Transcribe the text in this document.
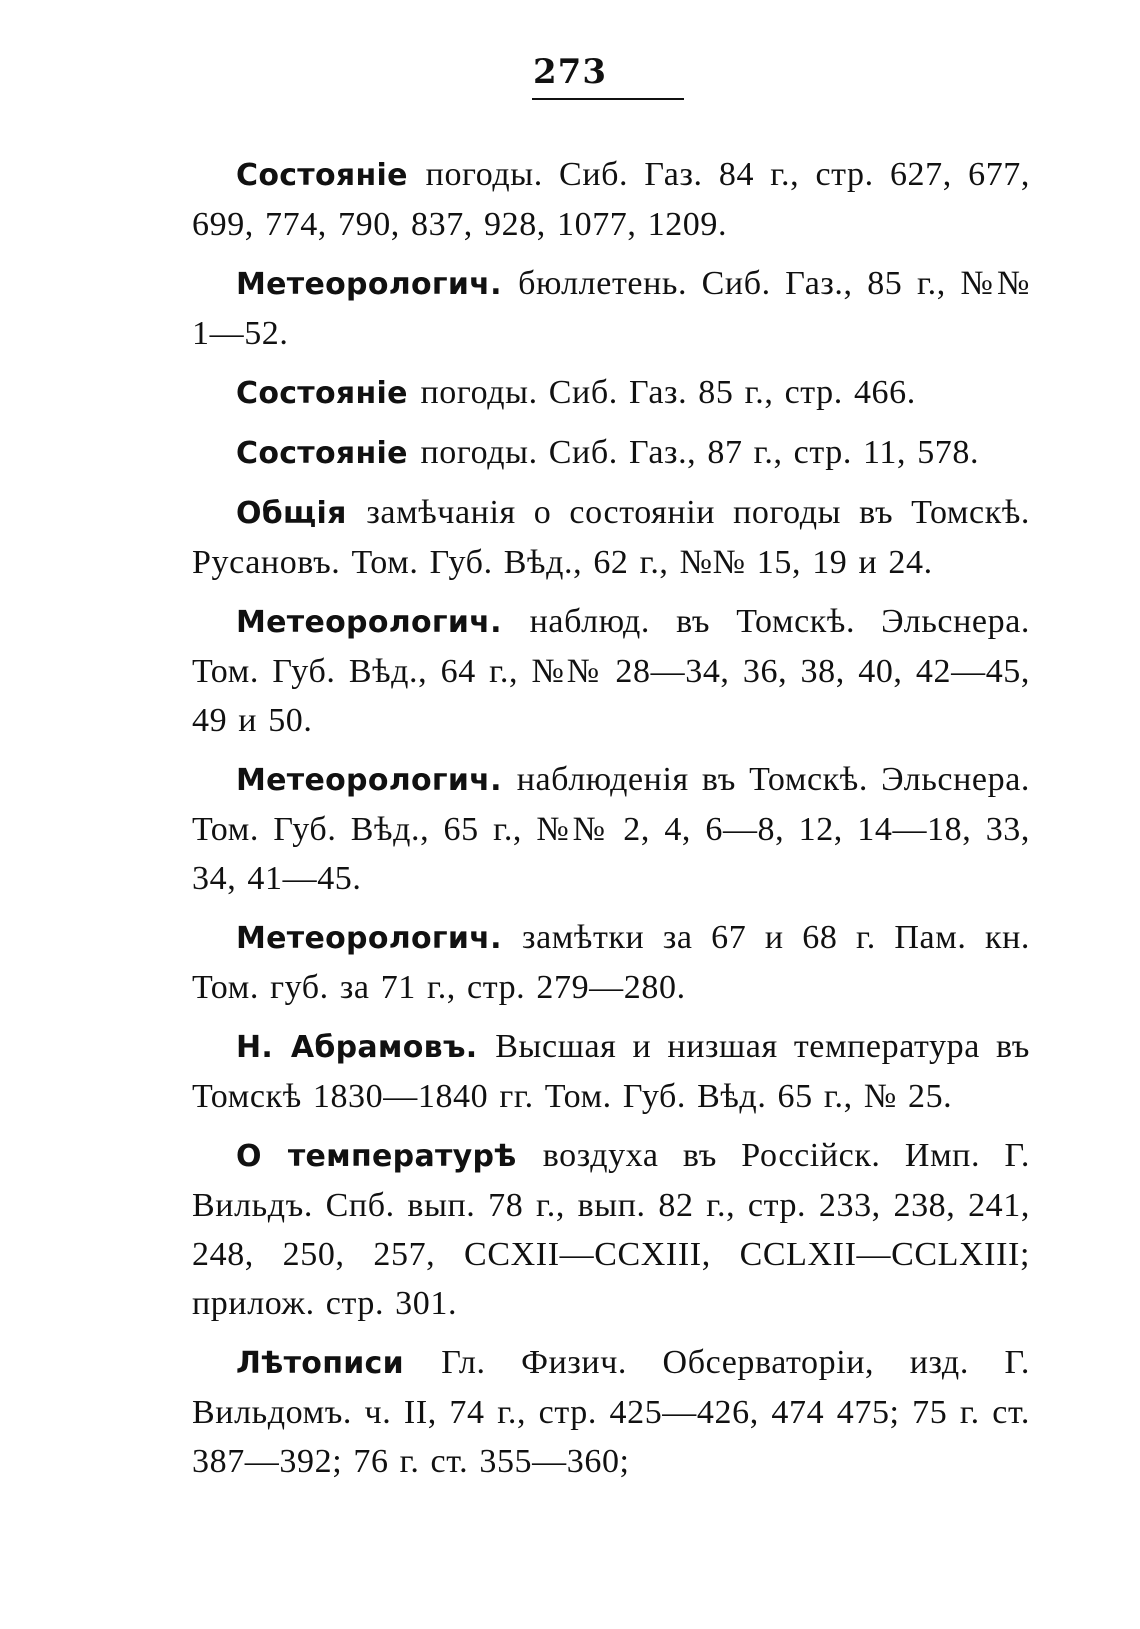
273

Состояніе погоды. Сиб. Газ. 84 г., стр. 627, 677, 699, 774, 790, 837, 928, 1077, 1209.

Метеорологич. бюллетень. Сиб. Газ., 85 г., №№ 1—52.

Состояніе погоды. Сиб. Газ. 85 г., стр. 466.

Состояніе погоды. Сиб. Газ., 87 г., стр. 11, 578.

Общія замѣчанія о состояніи погоды въ Томскѣ. Русановъ. Том. Губ. Вѣд., 62 г., №№ 15, 19 и 24.

Метеорологич. наблюд. въ Томскѣ. Эльснера. Том. Губ. Вѣд., 64 г., №№ 28—34, 36, 38, 40, 42—45, 49 и 50.

Метеорологич. наблюденія въ Томскѣ. Эльснера. Том. Губ. Вѣд., 65 г., №№ 2, 4, 6—8, 12, 14—18, 33, 34, 41—45.

Метеорологич. замѣтки за 67 и 68 г. Пам. кн. Том. губ. за 71 г., стр. 279—280.

Н. Абрамовъ. Высшая и низшая температура въ Томскѣ 1830—1840 гг. Том. Губ. Вѣд. 65 г., № 25.

О температурѣ воздуха въ Россійск. Имп. Г. Вильдъ. Спб. вып. 78 г., вып. 82 г., стр. 233, 238, 241, 248, 250, 257, CCXII—CCXIII, CCLXII—CCLXIII; прилож. стр. 301.

Лѣтописи Гл. Физич. Обсерваторіи, изд. Г. Вильдомъ. ч. II, 74 г., стр. 425—426, 474 475; 75 г. ст. 387—392; 76 г. ст. 355—360;
